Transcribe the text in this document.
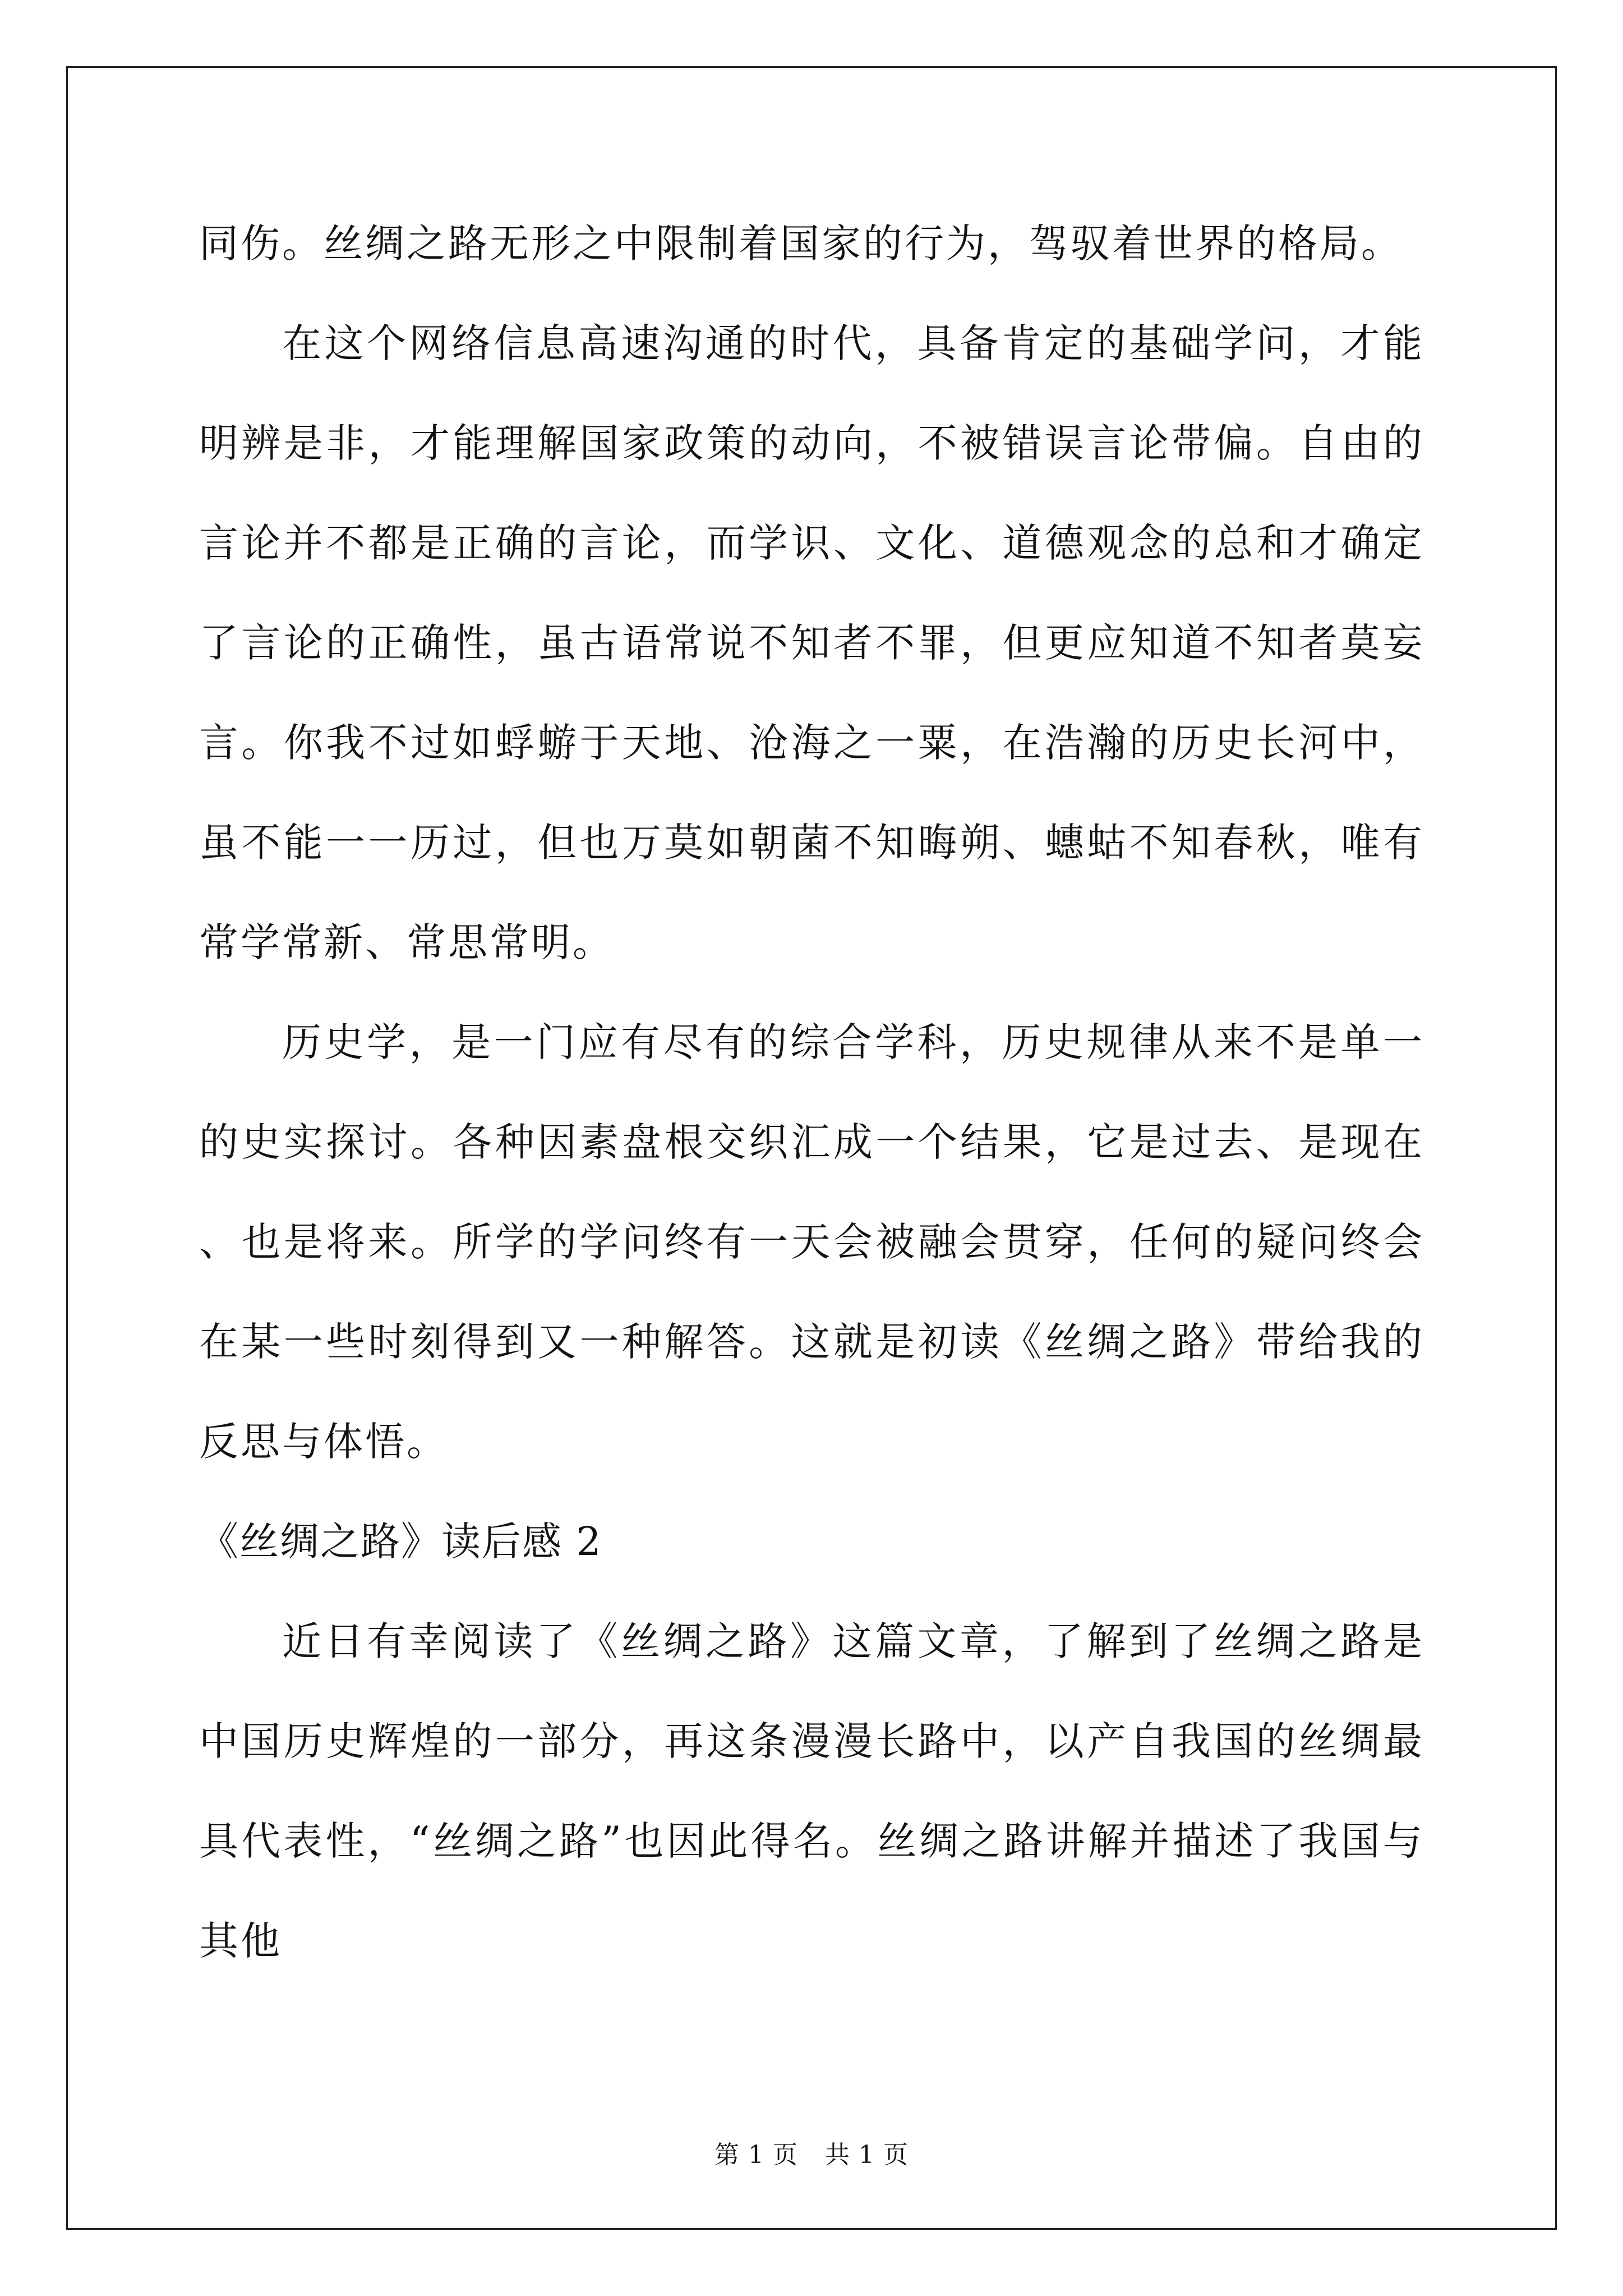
同伤。丝绸之路无形之中限制着国家的行为，驾驭着世界的格局。

在这个网络信息高速沟通的时代，具备肯定的基础学问，才能明辨是非，才能理解国家政策的动向，不被错误言论带偏。自由的言论并不都是正确的言论，而学识、文化、道德观念的总和才确定了言论的正确性，虽古语常说不知者不罪，但更应知道不知者莫妄言。你我不过如蜉蝣于天地、沧海之一粟，在浩瀚的历史长河中，虽不能一一历过，但也万莫如朝菌不知晦朔、蟪蛄不知春秋，唯有常学常新、常思常明。

历史学，是一门应有尽有的综合学科，历史规律从来不是单一的史实探讨。各种因素盘根交织汇成一个结果，它是过去、是现在、也是将来。所学的学问终有一天会被融会贯穿，任何的疑问终会在某一些时刻得到又一种解答。这就是初读《丝绸之路》带给我的反思与体悟。

《丝绸之路》读后感 2

近日有幸阅读了《丝绸之路》这篇文章，了解到了丝绸之路是中国历史辉煌的一部分，再这条漫漫长路中，以产自我国的丝绸最具代表性，“丝绸之路”也因此得名。丝绸之路讲解并描述了我国与其他

第 1 页 共 1 页
